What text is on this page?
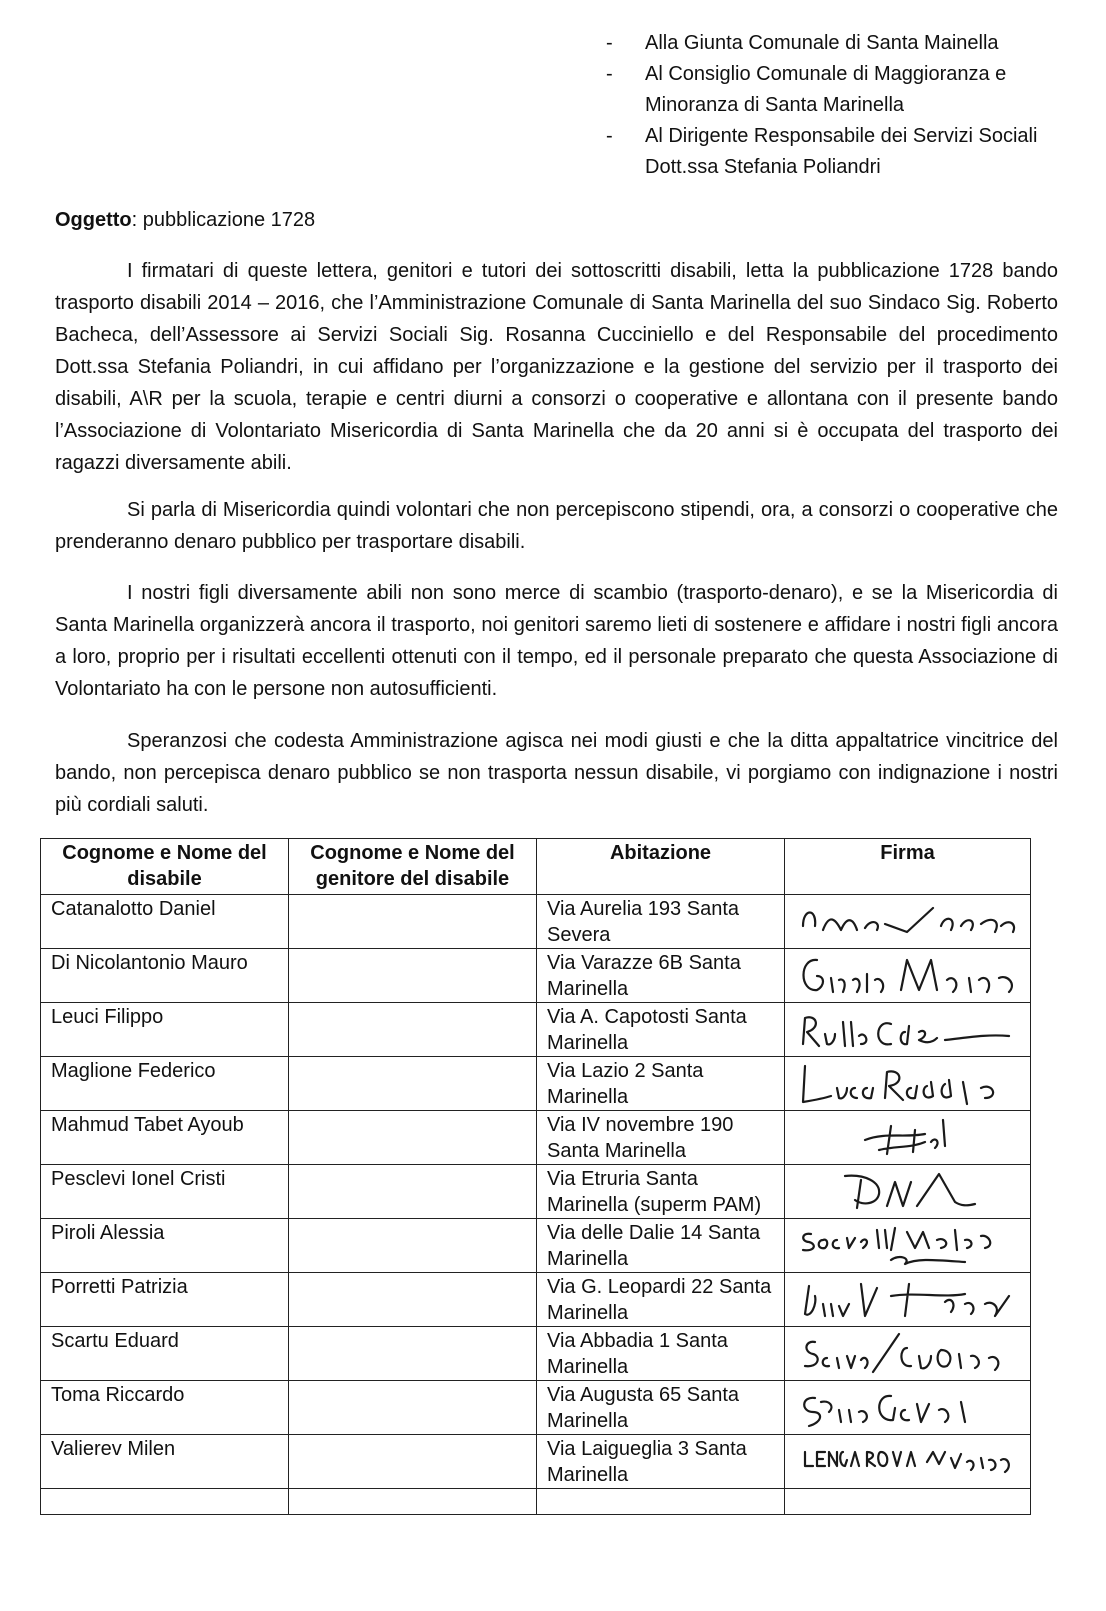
- Alla Giunta Comunale di Santa Mainella
- Al Consiglio Comunale di Maggioranza e Minoranza di Santa Marinella
- Al Dirigente Responsabile dei Servizi Sociali Dott.ssa Stefania Poliandri
Oggetto: pubblicazione 1728

I firmatari di queste lettera, genitori e tutori dei sottoscritti disabili, letta la pubblicazione 1728 bando trasporto disabili 2014 – 2016, che l’Amministrazione Comunale di Santa Marinella del suo Sindaco Sig. Roberto Bacheca, dell’Assessore ai Servizi Sociali Sig. Rosanna Cucciniello e del Responsabile del procedimento Dott.ssa Stefania Poliandri, in cui affidano per l’organizzazione e la gestione del servizio per il trasporto dei disabili, A\R per la scuola, terapie e centri diurni a consorzi o cooperative e allontana con il presente bando l’Associazione di Volontariato Misericordia di Santa Marinella che da 20 anni si è occupata del trasporto dei ragazzi diversamente abili.

Si parla di Misericordia quindi volontari che non percepiscono stipendi, ora, a consorzi o cooperative che prenderanno denaro pubblico per trasportare disabili.

I nostri figli diversamente abili non sono merce di scambio (trasporto-denaro), e se la Misericordia di Santa Marinella organizzerà ancora il trasporto, noi genitori saremo lieti di sostenere e affidare i nostri figli ancora a loro, proprio per i risultati eccellenti ottenuti con il tempo, ed il personale preparato che questa Associazione di Volontariato ha con le persone non autosufficienti.

Speranzosi che codesta Amministrazione agisca nei modi giusti e che la ditta appaltatrice vincitrice del bando, non percepisca denaro pubblico se non trasporta nessun disabile, vi porgiamo con indignazione i nostri più cordiali saluti.

Cognome e Nome del disabile	Cognome e Nome del genitore del disabile	Abitazione	Firma
Catanalotto Daniel		Via Aurelia 193 Santa Severa	

Di Nicolantonio Mauro		Via Varazze 6B Santa Marinella	

Leuci Filippo		Via A. Capotosti Santa Marinella	

Maglione Federico		Via Lazio 2 Santa Marinella	

Mahmud Tabet Ayoub		Via IV novembre 190 Santa Marinella	

Pesclevi Ionel Cristi		Via Etruria Santa Marinella (superm PAM)	

Piroli Alessia		Via delle Dalie 14 Santa Marinella	

Porretti Patrizia		Via G. Leopardi 22 Santa Marinella	

Scartu Eduard		Via Abbadia 1 Santa Marinella	

Toma Riccardo		Via Augusta 65 Santa Marinella	

Valierev Milen		Via Laigueglia 3 Santa Marinella	
